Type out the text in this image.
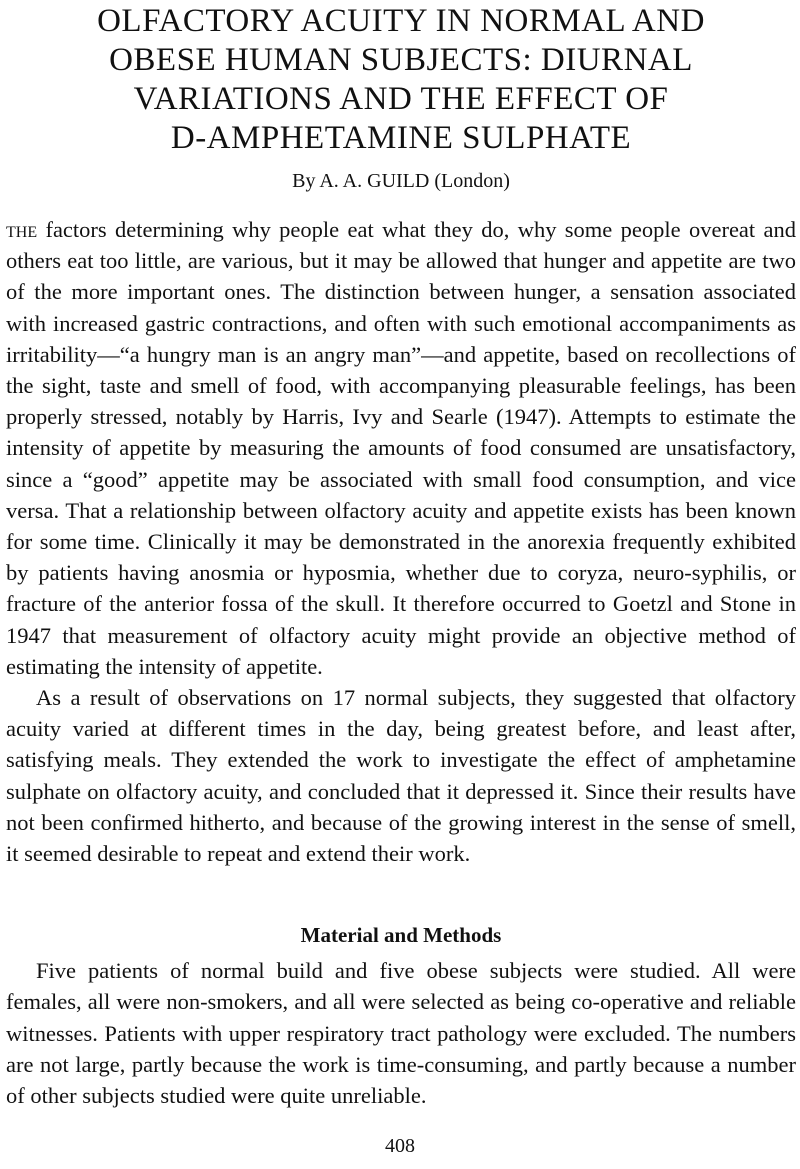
OLFACTORY ACUITY IN NORMAL AND
OBESE HUMAN SUBJECTS: DIURNAL
VARIATIONS AND THE EFFECT OF
D-AMPHETAMINE SULPHATE

By A. A. GUILD (London)

the factors determining why people eat what they do, why some people overeat and others eat too little, are various, but it may be allowed that hunger and appetite are two of the more important ones. The distinction between hunger, a sensation associated with increased gastric contractions, and often with such emotional accompaniments as irritability—“a hungry man is an angry man”—and appetite, based on recollections of the sight, taste and smell of food, with accompanying pleasurable feelings, has been properly stressed, notably by Harris, Ivy and Searle (1947). Attempts to estimate the intensity of appetite by measuring the amounts of food consumed are unsatisfactory, since a “good” appetite may be associated with small food consumption, and vice versa. That a relationship between olfactory acuity and appetite exists has been known for some time. Clinically it may be demonstrated in the anorexia frequently exhibited by patients having anosmia or hyposmia, whether due to coryza, neuro-syphilis, or fracture of the anterior fossa of the skull. It therefore occurred to Goetzl and Stone in 1947 that measurement of olfactory acuity might provide an objective method of estimating the intensity of appetite.

As a result of observations on 17 normal subjects, they suggested that olfactory acuity varied at different times in the day, being greatest before, and least after, satisfying meals. They extended the work to investigate the effect of amphetamine sulphate on olfactory acuity, and concluded that it depressed it. Since their results have not been confirmed hitherto, and because of the growing interest in the sense of smell, it seemed desirable to repeat and extend their work.

Material and Methods

Five patients of normal build and five obese subjects were studied. All were females, all were non-smokers, and all were selected as being co-operative and reliable witnesses. Patients with upper respiratory tract pathology were excluded. The numbers are not large, partly because the work is time-consuming, and partly because a number of other subjects studied were quite unreliable.

408
